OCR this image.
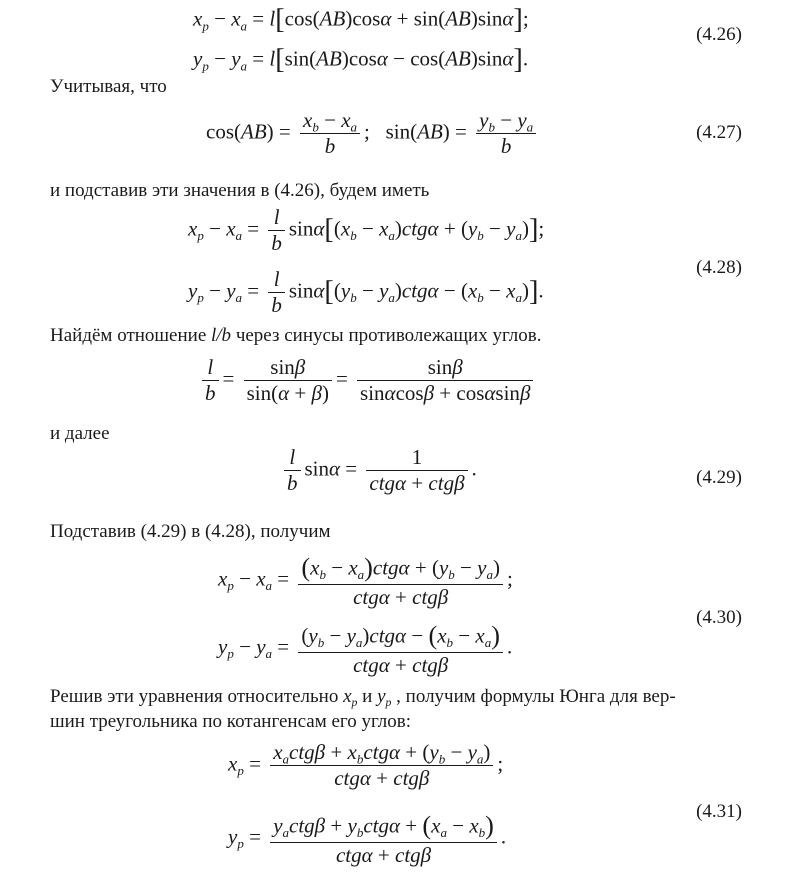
$x_p - x_a = l[\cos(AB)\cos\alpha + \sin(AB)\sin\alpha]$;
$y_p - y_a = l[\sin(AB)\cos\alpha - \cos(AB)\sin\alpha]$.
(4.26)
Учитывая, что
$\cos(AB) = \frac{x_b - x_a}{b}$ ; $\sin(AB) = \frac{y_b - y_a}{b}$	(4.27)
и подставив эти значения в (4.26), будем иметь
$x_p - x_a = \frac{l}{b} \sin\alpha[(x_b - x_a)ctg\alpha + (y_b - y_a)]$;
$y_p - y_a = \frac{l}{b} \sin\alpha[(y_b - y_a)ctg\alpha - (x_b - x_a)]$.
(4.28)
Найдём отношение l/b через синусы противолежащих углов.
$\frac{l}{b} = \frac{\sin\beta}{\sin(\alpha + \beta)} = \frac{\sin\beta}{\sin\alpha\cos\beta + \cos\alpha\sin\beta}$
и далее
$\frac{l}{b}$ sinα =	1
ctgα + ctgβ
.	(4.29)
Подставив (4.29) в (4.28), получим
$x_p - x_a = (x_b - x_a)ctg\alpha + (y_b - y_a)$
ctgα + ctgβ
;
$y_p - y_a = (y_b - y_a)ctg\alpha - (x_b - x_a)$
ctgα + ctgβ
.
(4.30)
Решив эти уравнения относительно $x_p$ и $y_p$ , получим формулы Юнга для вер-
шин треугольника по котангенсам его углов:
$x_p = x_actg\beta + x_bctg\alpha + (y_b - y_a)$
ctgα + ctgβ
;
$y_p = y_actg\beta + y_bctg\alpha + (x_a - x_b)$
ctgα + ctgβ
.
(4.31)
